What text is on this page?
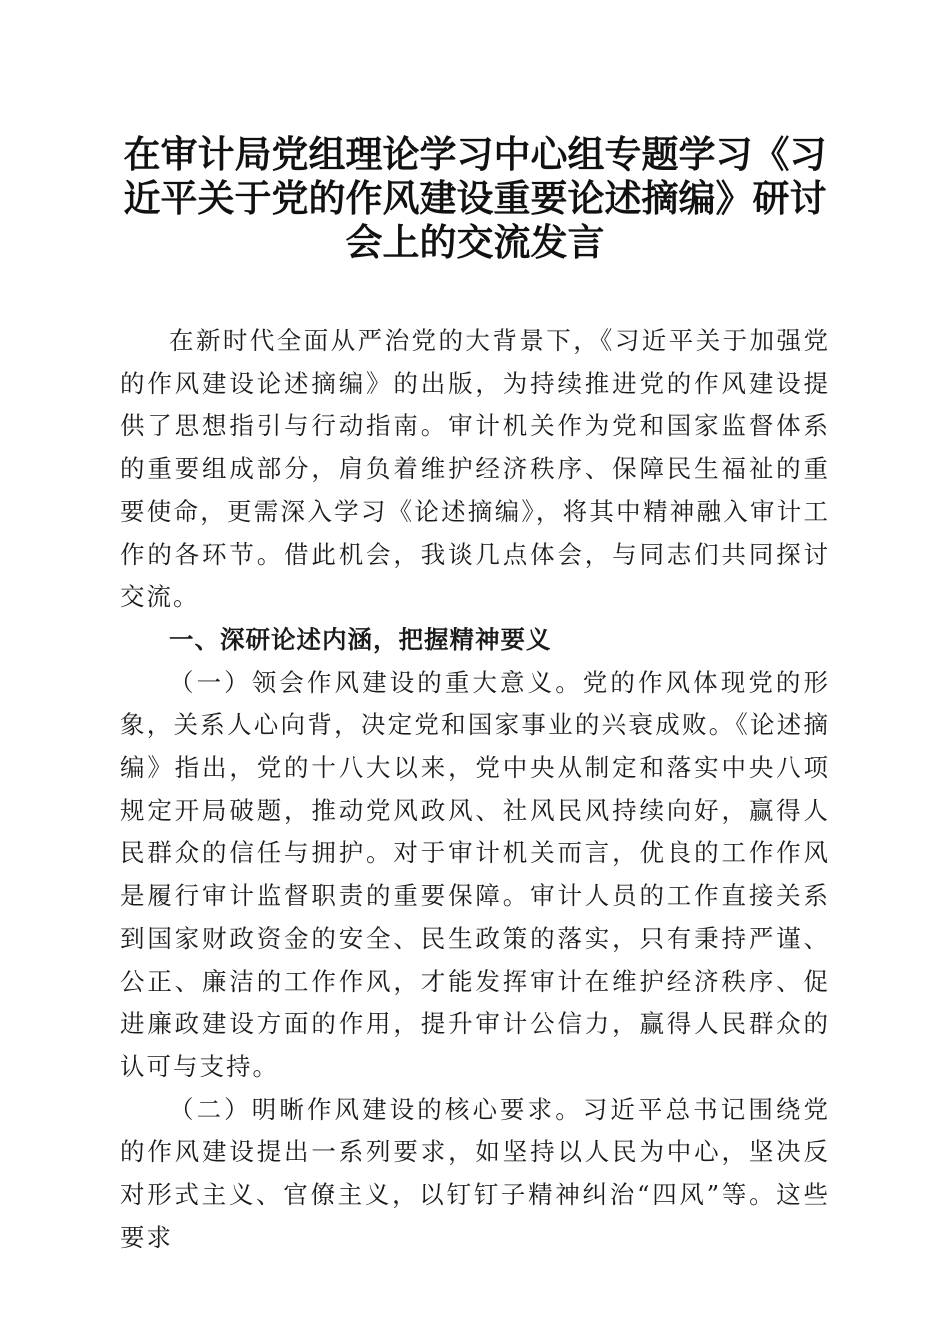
在审计局党组理论学习中心组专题学习《习近平关于党的作风建设重要论述摘编》研讨会上的交流发言

在新时代全面从严治党的大背景下，《习近平关于加强党的作风建设论述摘编》的出版，为持续推进党的作风建设提供了思想指引与行动指南。审计机关作为党和国家监督体系的重要组成部分，肩负着维护经济秩序、保障民生福祉的重要使命，更需深入学习《论述摘编》，将其中精神融入审计工作的各环节。借此机会，我谈几点体会，与同志们共同探讨交流。

一、深研论述内涵，把握精神要义

（一）领会作风建设的重大意义。党的作风体现党的形象，关系人心向背，决定党和国家事业的兴衰成败。《论述摘编》指出，党的十八大以来，党中央从制定和落实中央八项规定开局破题，推动党风政风、社风民风持续向好，赢得人民群众的信任与拥护。对于审计机关而言，优良的工作作风是履行审计监督职责的重要保障。审计人员的工作直接关系到国家财政资金的安全、民生政策的落实，只有秉持严谨、公正、廉洁的工作作风，才能发挥审计在维护经济秩序、促进廉政建设方面的作用，提升审计公信力，赢得人民群众的认可与支持。

（二）明晰作风建设的核心要求。习近平总书记围绕党的作风建设提出一系列要求，如坚持以人民为中心，坚决反对形式主义、官僚主义，以钉钉子精神纠治“四风”等。这些要求
